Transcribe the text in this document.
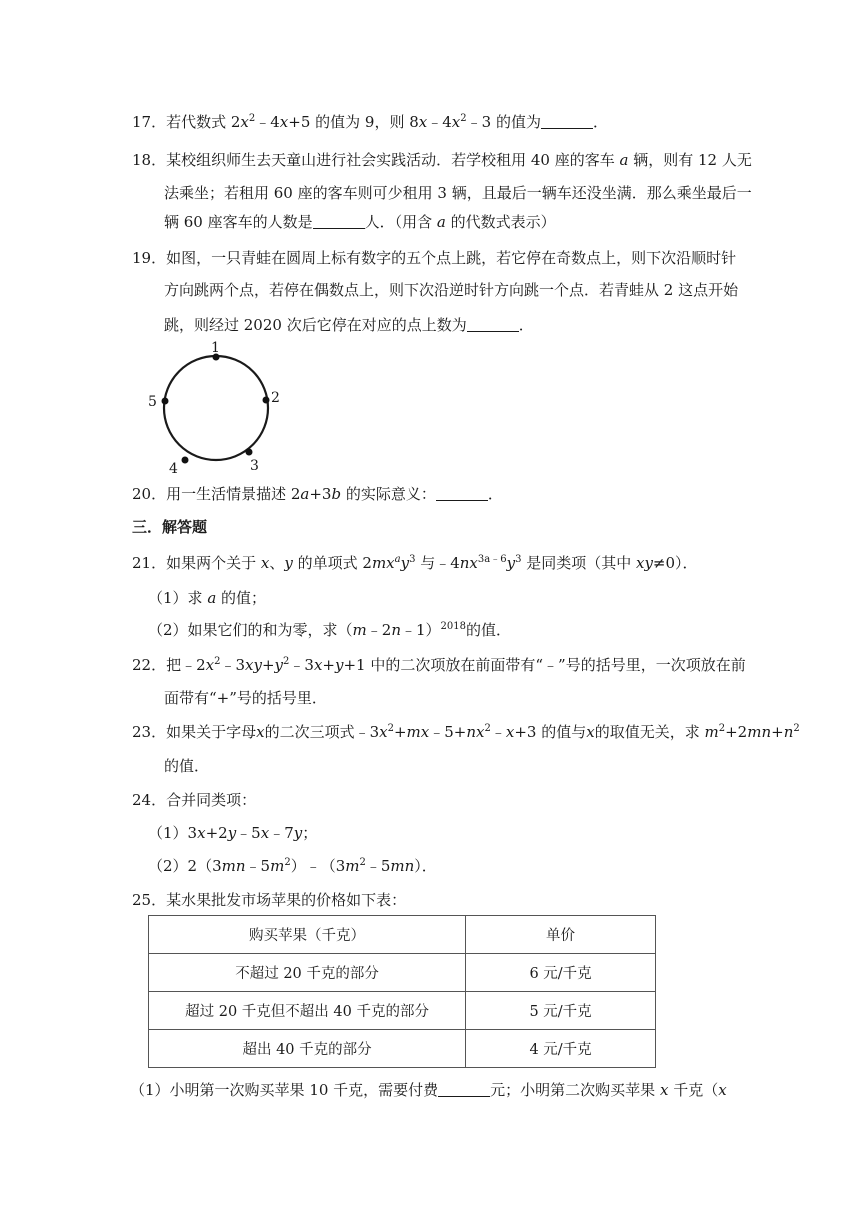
17．若代数式 $2x^2﹣4x+5$ 的值为 9，则 $8x﹣4x^2﹣3$ 的值为	．
18．某校组织师生去天童山进行社会实践活动．若学校租用 40 座的客车 a 辆，则有 12 人无
法乘坐；若租用 60 座的客车则可少租用 3 辆，且最后一辆车还没坐满．那么乘坐最后一
辆 60 座客车的人数是	人．（用含 a 的代数式表示）
19．如图，一只青蛙在圆周上标有数字的五个点上跳，若它停在奇数点上，则下次沿顺时针
方向跳两个点，若停在偶数点上，则下次沿逆时针方向跳一个点．若青蛙从 2 这点开始
跳，则经过 2020 次后它停在对应的点上数为	．
1
2
3
4
5
20．用一生活情景描述 2a+3b 的实际意义：	．
三．解答题
21．如果两个关于 x、y 的单项式 $2mx^ay^3$ 与$﹣4nx^{3a﹣6}y^3$ 是同类项（其中 xy≠0）．
（1）求 a 的值；
（2）如果它们的和为零，求（m﹣2n﹣1）$^{2018}$的值．
22．把$﹣2x^2﹣3xy+y^2﹣3x+y+1$ 中的二次项放在前面带有“﹣”号的括号里，一次项放在前
面带有“+”号的括号里．
23．如果关于字母x的二次三项式$﹣3x^2+mx﹣5+nx^2﹣x+3$ 的值与x的取值无关，求 $m^2+2mn+n^2$
的值．
24．合并同类项：
（1）3x+2y﹣5x﹣7y；
$(2)2(3mn﹣5m^2)﹣(3m^2﹣5mn)$．
25．某水果批发市场苹果的价格如下表：
购买苹果（千克）	单价
不超过 20 千克的部分	6 元/千克
超过 20 千克但不超出 40 千克的部分	5 元/千克
超出 40 千克的部分	4 元/千克
（1）小明第一次购买苹果 10 千克，需要付费	元；小明第二次购买苹果 x 千克（x
